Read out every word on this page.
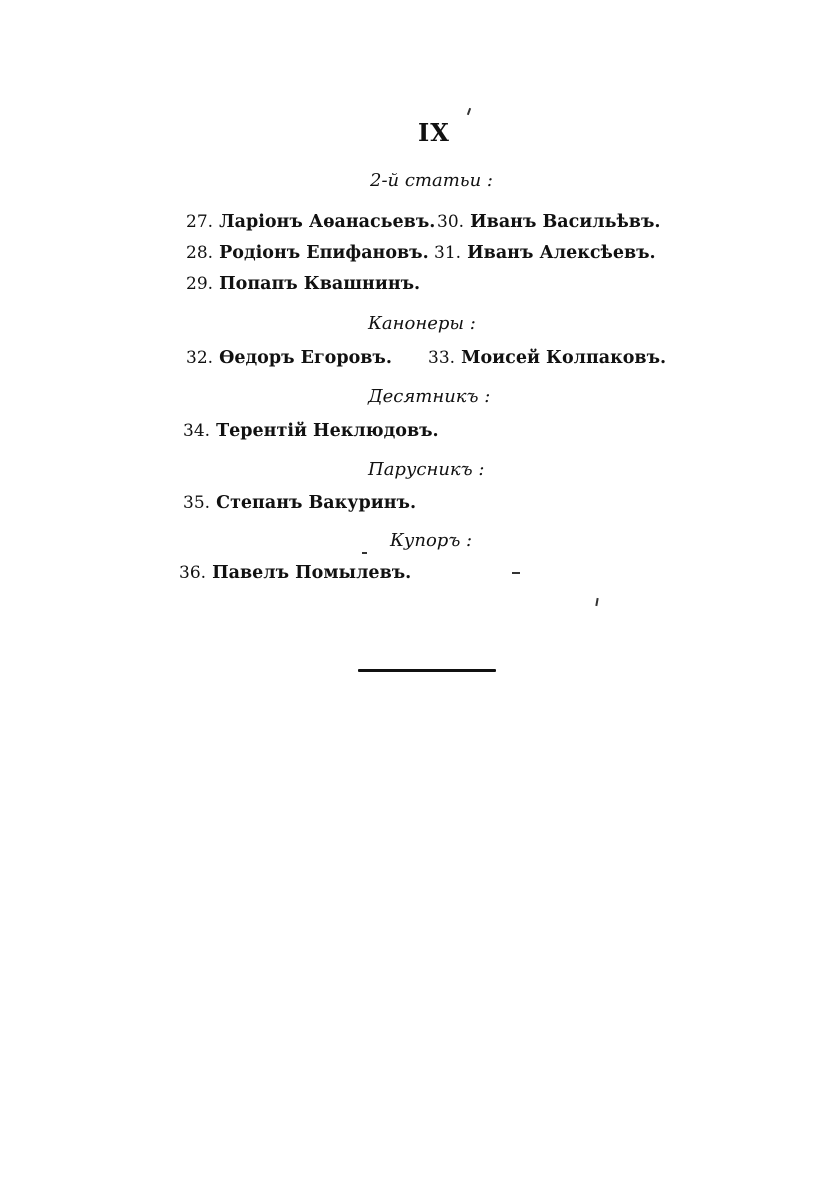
IX
2-й статьи :
27. Ларiонъ Аѳанасьевъ. 30. Иванъ Васильѣвъ.
28. Родiонъ Епифановъ. 31. Иванъ Алексѣевъ.
29. Попапъ Квашнинъ.
Канонеры :
32. Ѳедоръ Егоровъ. 33. Моисей Колпаковъ.
Десятникъ :
34. Терентiй Неклюдовъ.
Парусникъ :
35. Степанъ Вакуринъ.
Купоръ :
36. Павелъ Помылевъ.
